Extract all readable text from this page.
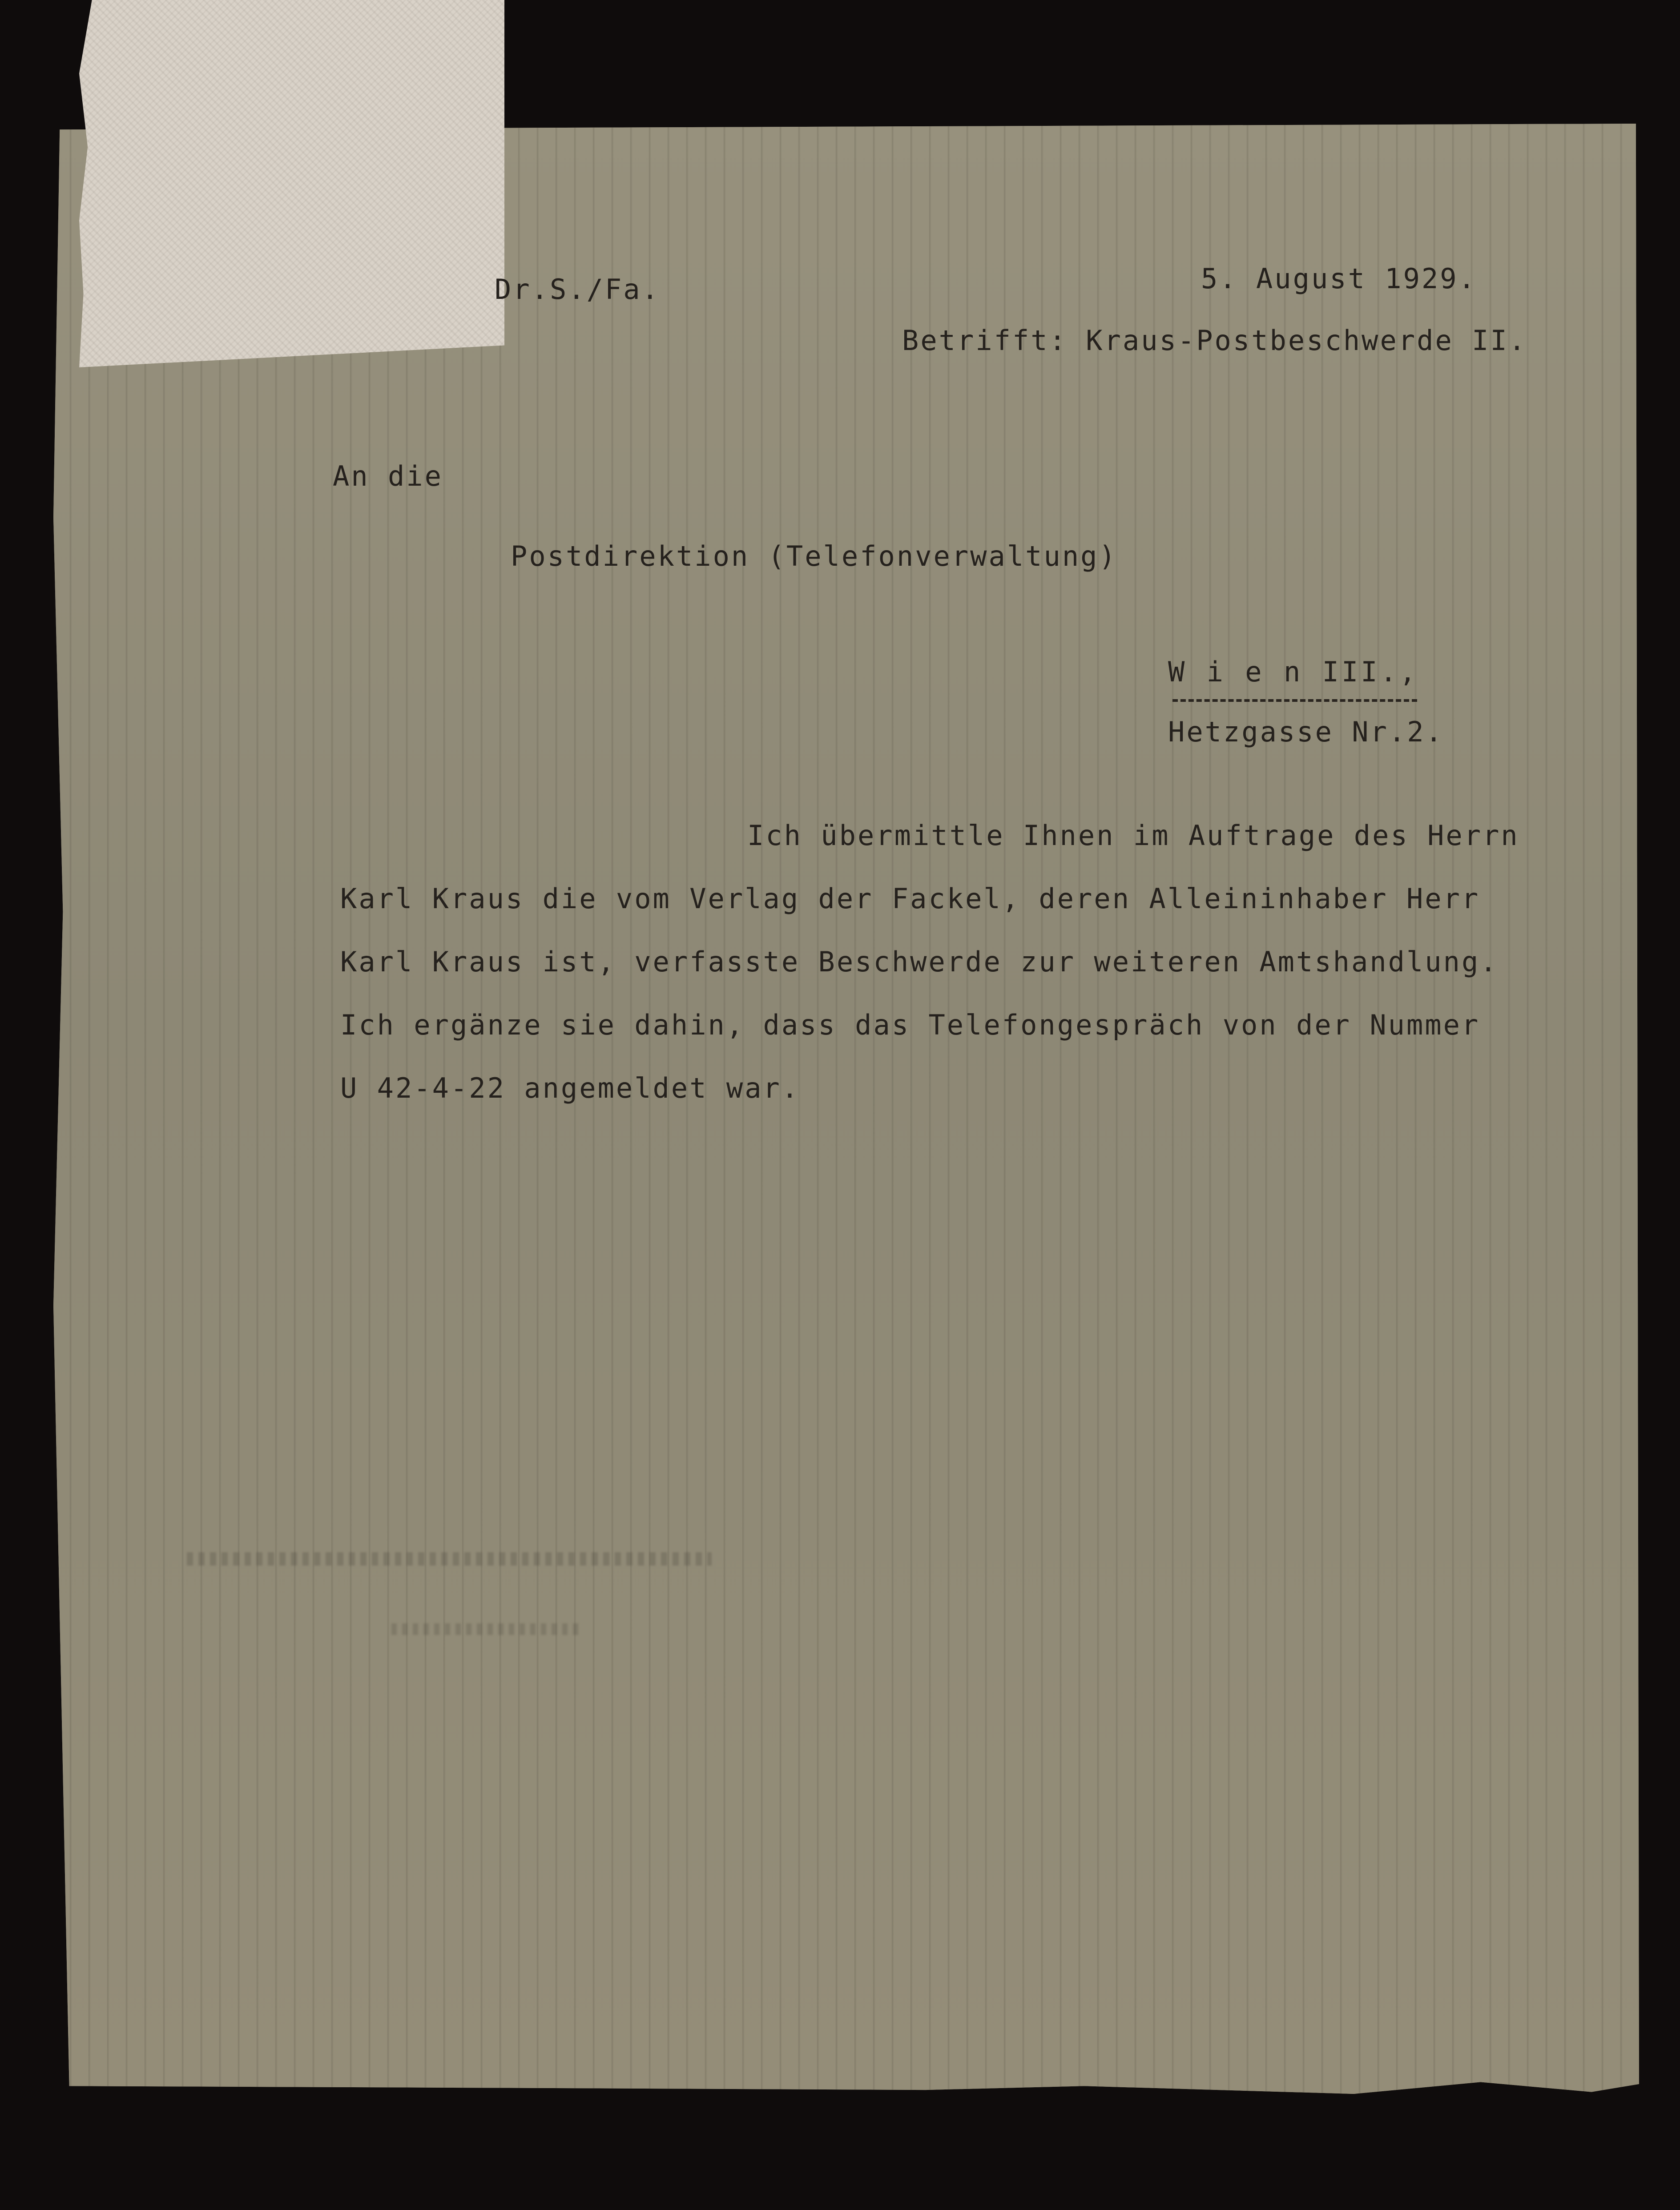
Dr.S./Fa.	5. August 1929.
Betrifft: Kraus-Postbeschwerde II.
An die
Postdirektion (Telefonverwaltung)
W i e n III.,
Hetzgasse Nr.2.
Ich übermittle Ihnen im Auftrage des Herrn
Karl Kraus die vom Verlag der Fackel, deren Alleininhaber Herr
Karl Kraus ist, verfasste Beschwerde zur weiteren Amtshandlung.
Ich ergänze sie dahin, dass das Telefongespräch von der Nummer
U 42-4-22 angemeldet war.
